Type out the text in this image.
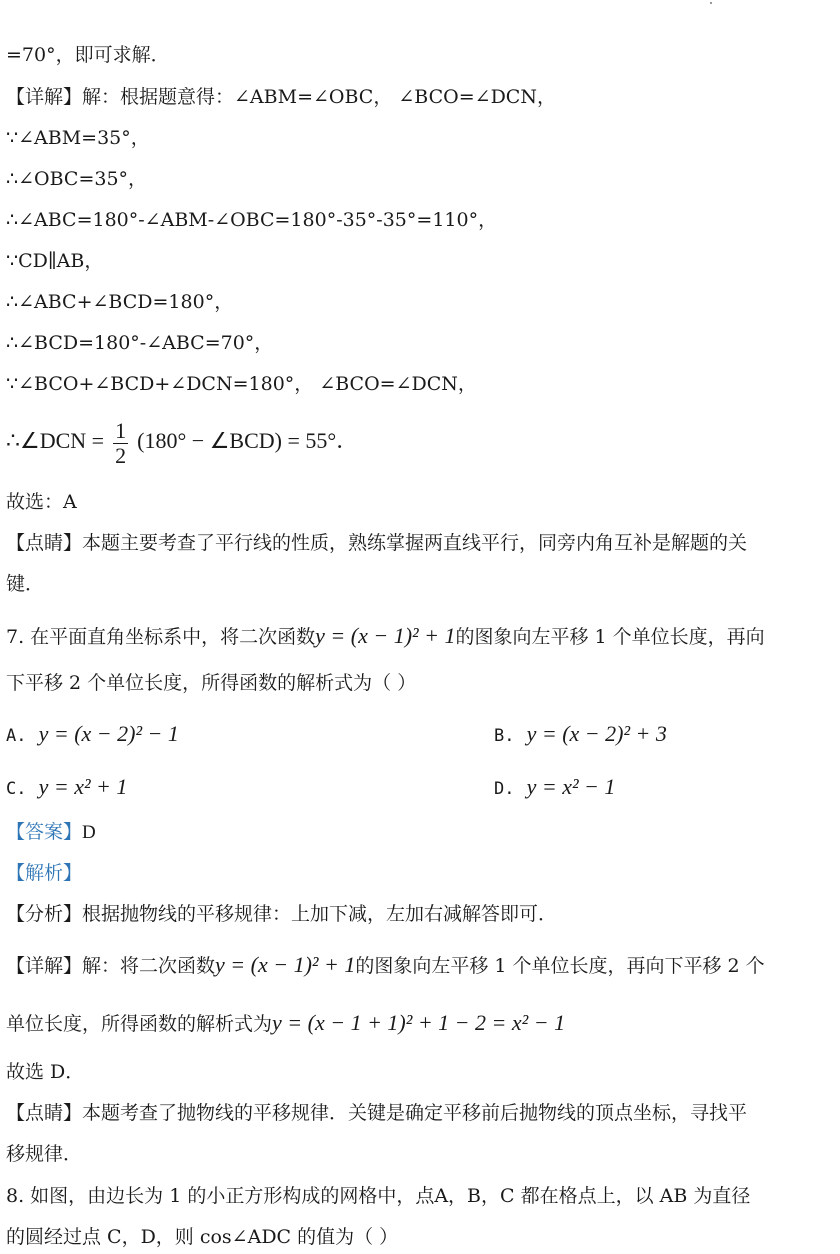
=70°，即可求解．
【详解】解：根据题意得：∠ABM=∠OBC， ∠BCO=∠DCN，
∵∠ABM=35°，
∴∠OBC=35°，
∴∠ABC=180°-∠ABM-∠OBC=180°-35°-35°=110°，
∵CD∥AB，
∴∠ABC+∠BCD=180°，
∴∠BCD=180°-∠ABC=70°，
∵∠BCO+∠BCD+∠DCN=180°， ∠BCO=∠DCN，
∴∠DCN = $\frac{1}{2} (180^\circ$ − ∠BCD) = 55°．
故选：A
【点睛】本题主要考查了平行线的性质，熟练掌握两直线平行，同旁内角互补是解题的关
键．
7. 在平面直角坐标系中，将二次函数y = (x − 1)² + 1的图象向左平移 1 个单位长度，再向
下平移 2 个单位长度，所得函数的解析式为（ ）
A. y = (x − 2)² − 1	B. y = (x − 2)² + 3
C. y = x² + 1	D. y = x² − 1
【答案】D
【解析】
【分析】根据抛物线的平移规律：上加下减，左加右减解答即可．
【详解】解：将二次函数y = (x − 1)² + 1的图象向左平移 1 个单位长度，再向下平移 2 个
单位长度，所得函数的解析式为y = (x − 1 + 1)² + 1 − 2 = x² − 1
故选 D．
【点睛】本题考查了抛物线的平移规律．关键是确定平移前后抛物线的顶点坐标，寻找平
移规律．
8. 如图，由边长为 1 的小正方形构成的网格中，点A，B，C 都在格点上，以 AB 为直径
的圆经过点 C，D，则 cos∠ADC 的值为（ ）
